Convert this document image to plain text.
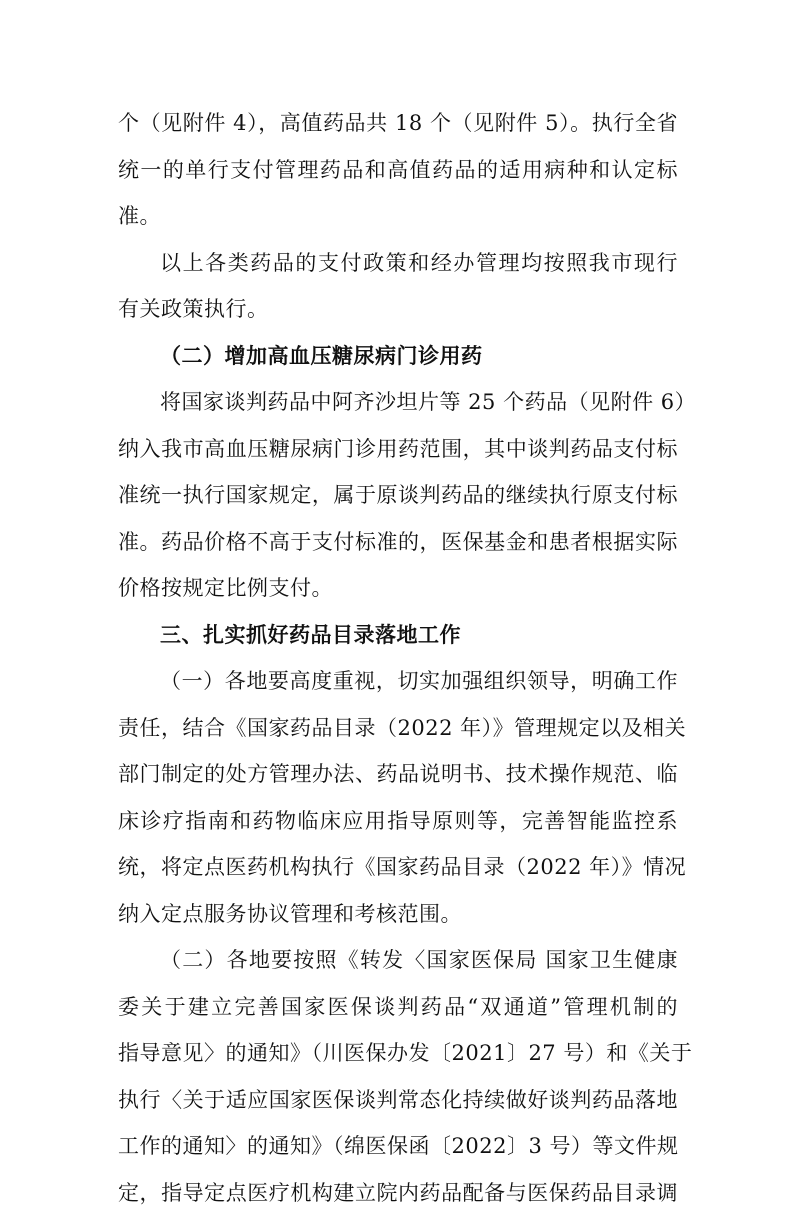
个（见附件 4），高值药品共 18 个（见附件 5）。执行全省
统一的单行支付管理药品和高值药品的适用病种和认定标
准。
以上各类药品的支付政策和经办管理均按照我市现行
有关政策执行。
（二）增加高血压糖尿病门诊用药
将国家谈判药品中阿齐沙坦片等 25 个药品（见附件 6）
纳入我市高血压糖尿病门诊用药范围，其中谈判药品支付标
准统一执行国家规定，属于原谈判药品的继续执行原支付标
准。药品价格不高于支付标准的，医保基金和患者根据实际
价格按规定比例支付。
三、扎实抓好药品目录落地工作
（一）各地要高度重视，切实加强组织领导，明确工作
责任，结合《国家药品目录（2022 年）》管理规定以及相关
部门制定的处方管理办法、药品说明书、技术操作规范、临
床诊疗指南和药物临床应用指导原则等，完善智能监控系
统，将定点医药机构执行《国家药品目录（2022 年）》情况
纳入定点服务协议管理和考核范围。
（二）各地要按照《转发〈国家医保局 国家卫生健康
委关于建立完善国家医保谈判药品“双通道”管理机制的
指导意见〉的通知》（川医保办发〔2021〕27 号）和《关于
执行〈关于适应国家医保谈判常态化持续做好谈判药品落地
工作的通知〉的通知》（绵医保函〔2022〕3 号）等文件规
定，指导定点医疗机构建立院内药品配备与医保药品目录调
